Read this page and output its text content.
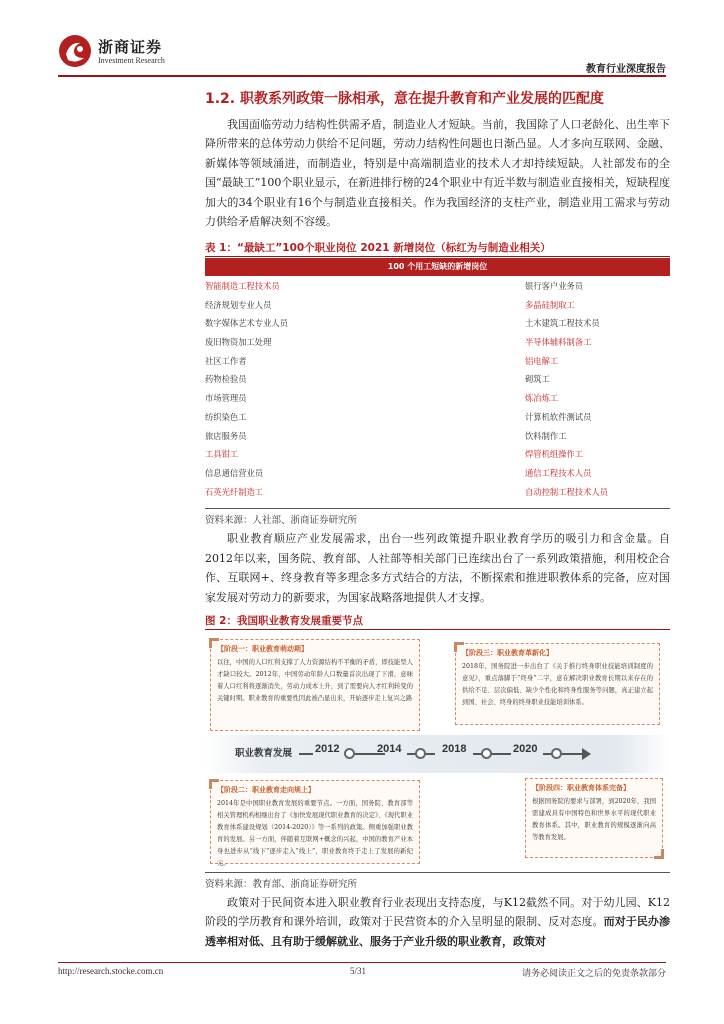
浙商证券
Investment Research
教育行业深度报告
1.2. 职教系列政策一脉相承，意在提升教育和产业发展的匹配度
我国面临劳动力结构性供需矛盾，制造业人才短缺。当前，我国除了人口老龄化、出生率下降所带来的总体劳动力供给不足问题，劳动力结构性问题也日渐凸显。人才多向互联网、金融、新媒体等领域涌进，而制造业，特别是中高端制造业的技术人才却持续短缺。人社部发布的全国“最缺工”100个职业显示，在新进排行榜的24个职业中有近半数与制造业直接相关，短缺程度加大的34个职业有16个与制造业直接相关。作为我国经济的支柱产业，制造业用工需求与劳动力供给矛盾解决刻不容缓。
表 1：“最缺工”100个职业岗位 2021 新增岗位（标红为与制造业相关）
100 个用工短缺的新增岗位
智能制造工程技术员	银行客户业务员
经济规划专业人员	多晶硅制取工
数字媒体艺术专业人员	土木建筑工程技术员
废旧物资加工处理	半导体辅料制备工
社区工作者	铝电解工
药物检验员	砌筑工
市场管理员	炼冶炼工
纺织染色工	计算机软件测试员
旅店服务员	饮料制作工
工具钳工	焊管机组操作工
信息通信营业员	通信工程技术人员
石英光纤制造工	自动控制工程技术人员
资料来源：人社部、浙商证券研究所
职业教育顺应产业发展需求，出台一些列政策提升职业教育学历的吸引力和含金量。自2012年以来，国务院、教育部、人社部等相关部门已连续出台了一系列政策措施，利用校企合作、互联网+、终身教育等多理念多方式结合的方法，不断探索和推进职教体系的完备，应对国家发展对劳动力的新要求，为国家战略落地提供人才支撑。
图 2：我国职业教育发展重要节点
【阶段一：职业教育萌动期】
以往，中国的人口红利支撑了人力资源结构不平衡的矛盾，即技能型人才缺口较大。2012年，中国劳动年龄人口数量首次出现了下滑，意味着人口红利将逐渐消失，劳动力成本上升，到了需要向人才红利转变的关键时期。职业教育的重要性因此被凸显出来，开始逐步走上复兴之路
【阶段三：职业教育革新化】
2018年，国务院进一步出台了《关于推行终身职业技能培训制度的意见》，重点落脚于“终身”二字，意在解决职业教育长期以来存在的供给不足、层次偏低、缺少个性化和终身性服务等问题，真正建立起到国、社会、终身的终身职业技能培训体系。
职业教育发展 2012	2014	2018	2020
【阶段二：职业教育走向规上】
2014年是中国职业教育发展的重要节点。一方面，国务院、教育部等相关管理机构相继出台了《加快发展现代职业教育的决定》、《现代职业教育体系建设规划（2014-2020）》等一系列的政策。侧重加强职业教育的发展。另一方面，伴随着互联网+概念的兴起，中国的教育产业本身也进步从“线下”逐步走入“线上”，职业教育终于走上了发展的新纪元。
【阶段四：职业教育体系完备】
根据国务院的要求与部署，到2020年，我国需建成具有中国特色和世界水平的现代职业教育体系。其中，职业教育的规模逐渐向高等教育发展。
资料来源：教育部、浙商证券研究所
政策对于民间资本进入职业教育行业表现出支持态度，与K12截然不同。对于幼儿园、K12阶段的学历教育和课外培训，政策对于民营资本的介入呈明显的限制、反对态度。而对于民办渗透率相对低、且有助于缓解就业、服务于产业升级的职业教育，政策对
http://research.stocke.com.cn	5/31	请务必阅读正文之后的免责条款部分
